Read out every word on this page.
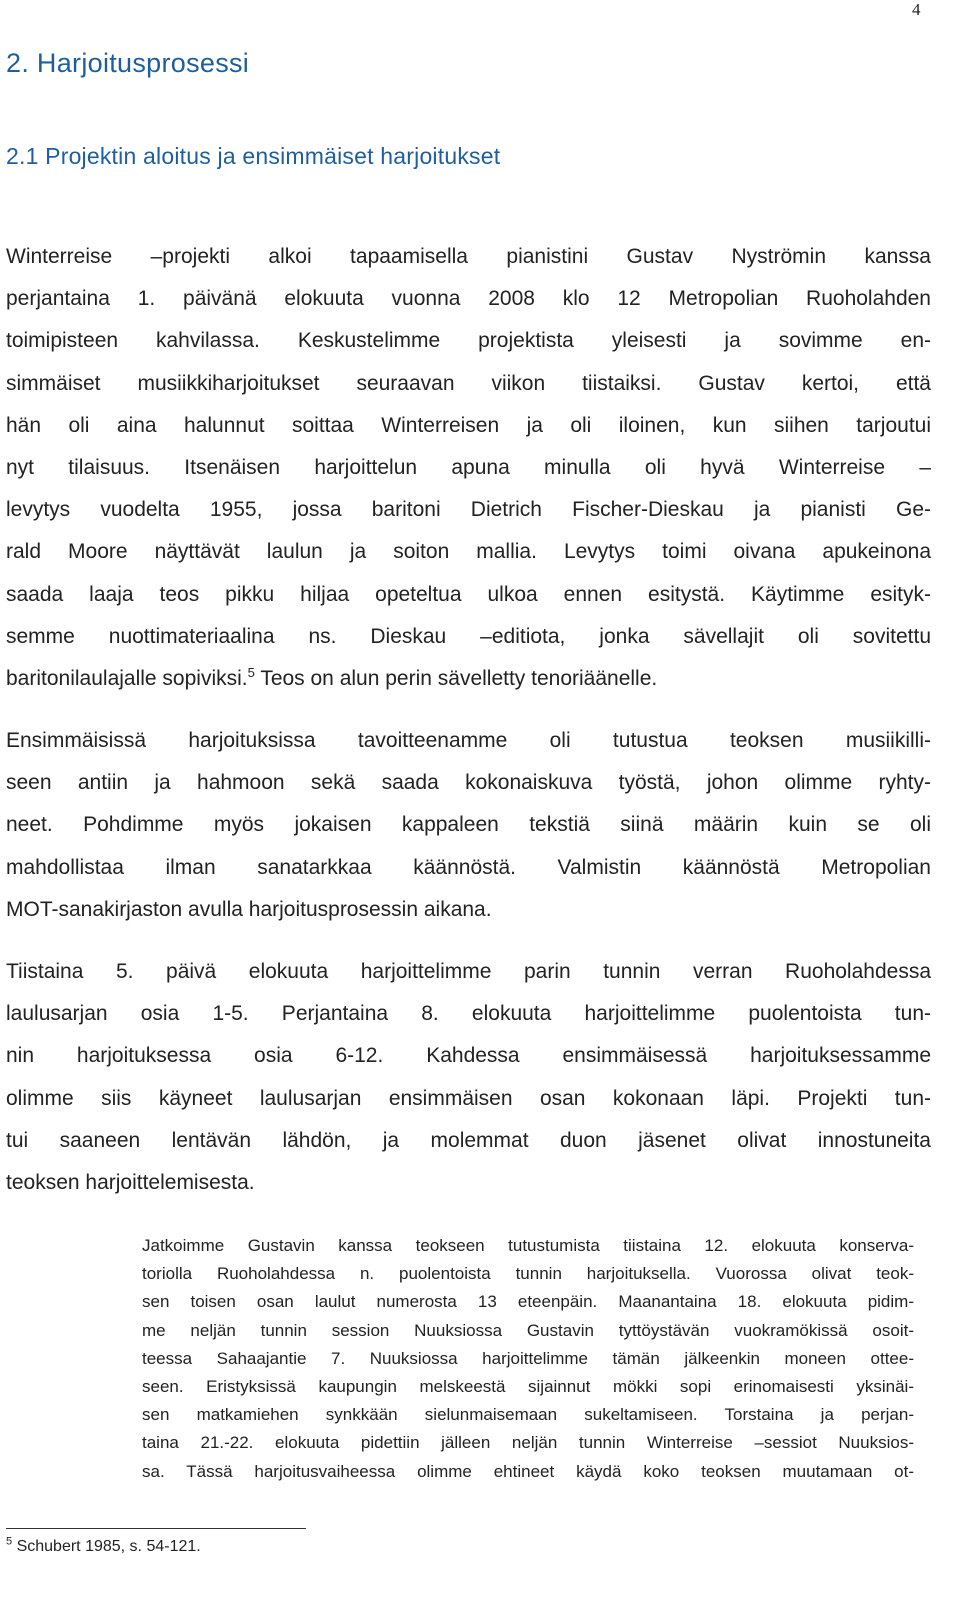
4
2. Harjoitusprosessi
2.1 Projektin aloitus ja ensimmäiset harjoitukset
Winterreise –projekti alkoi tapaamisella pianistini Gustav Nyströmin kanssa
perjantaina 1. päivänä elokuuta vuonna 2008 klo 12 Metropolian Ruoholahden
toimipisteen kahvilassa. Keskustelimme projektista yleisesti ja sovimme en-
simmäiset musiikkiharjoitukset seuraavan viikon tiistaiksi. Gustav kertoi, että
hän oli aina halunnut soittaa Winterreisen ja oli iloinen, kun siihen tarjoutui
nyt tilaisuus. Itsenäisen harjoittelun apuna minulla oli hyvä Winterreise –
levytys vuodelta 1955, jossa baritoni Dietrich Fischer-Dieskau ja pianisti Ge-
rald Moore näyttävät laulun ja soiton mallia. Levytys toimi oivana apukeinona
saada laaja teos pikku hiljaa opeteltua ulkoa ennen esitystä. Käytimme esityk-
semme nuottimateriaalina ns. Dieskau –editiota, jonka sävellajit oli sovitettu
baritonilaulajalle sopiviksi.$^5$ Teos on alun perin sävelletty tenoriäänelle.
Ensimmäisissä harjoituksissa tavoitteenamme oli tutustua teoksen musiikilli-
seen antiin ja hahmoon sekä saada kokonaiskuva työstä, johon olimme ryhty-
neet. Pohdimme myös jokaisen kappaleen tekstiä siinä määrin kuin se oli
mahdollistaa ilman sanatarkkaa käännöstä. Valmistin käännöstä Metropolian
MOT-sanakirjaston avulla harjoitusprosessin aikana.
Tiistaina 5. päivä elokuuta harjoittelimme parin tunnin verran Ruoholahdessa
laulusarjan osia 1-5. Perjantaina 8. elokuuta harjoittelimme puolentoista tun-
nin harjoituksessa osia 6-12. Kahdessa ensimmäisessä harjoituksessamme
olimme siis käyneet laulusarjan ensimmäisen osan kokonaan läpi. Projekti tun-
tui saaneen lentävän lähdön, ja molemmat duon jäsenet olivat innostuneita
teoksen harjoittelemisesta.
Jatkoimme Gustavin kanssa teokseen tutustumista tiistaina 12. elokuuta konserva-
toriolla Ruoholahdessa n. puolentoista tunnin harjoituksella. Vuorossa olivat teok-
sen toisen osan laulut numerosta 13 eteenpäin. Maanantaina 18. elokuuta pidim-
me neljän tunnin session Nuuksiossa Gustavin tyttöystävän vuokramökissä osoit-
teessa Sahaajantie 7. Nuuksiossa harjoittelimme tämän jälkeenkin moneen ottee-
seen. Eristyksissä kaupungin melskeestä sijainnut mökki sopi erinomaisesti yksinäi-
sen matkamiehen synkkään sielunmaisemaan sukeltamiseen. Torstaina ja perjan-
taina 21.-22. elokuuta pidettiin jälleen neljän tunnin Winterreise –sessiot Nuuksios-
sa. Tässä harjoitusvaiheessa olimme ehtineet käydä koko teoksen muutamaan ot-
$^5$ Schubert 1985, s. 54-121.
